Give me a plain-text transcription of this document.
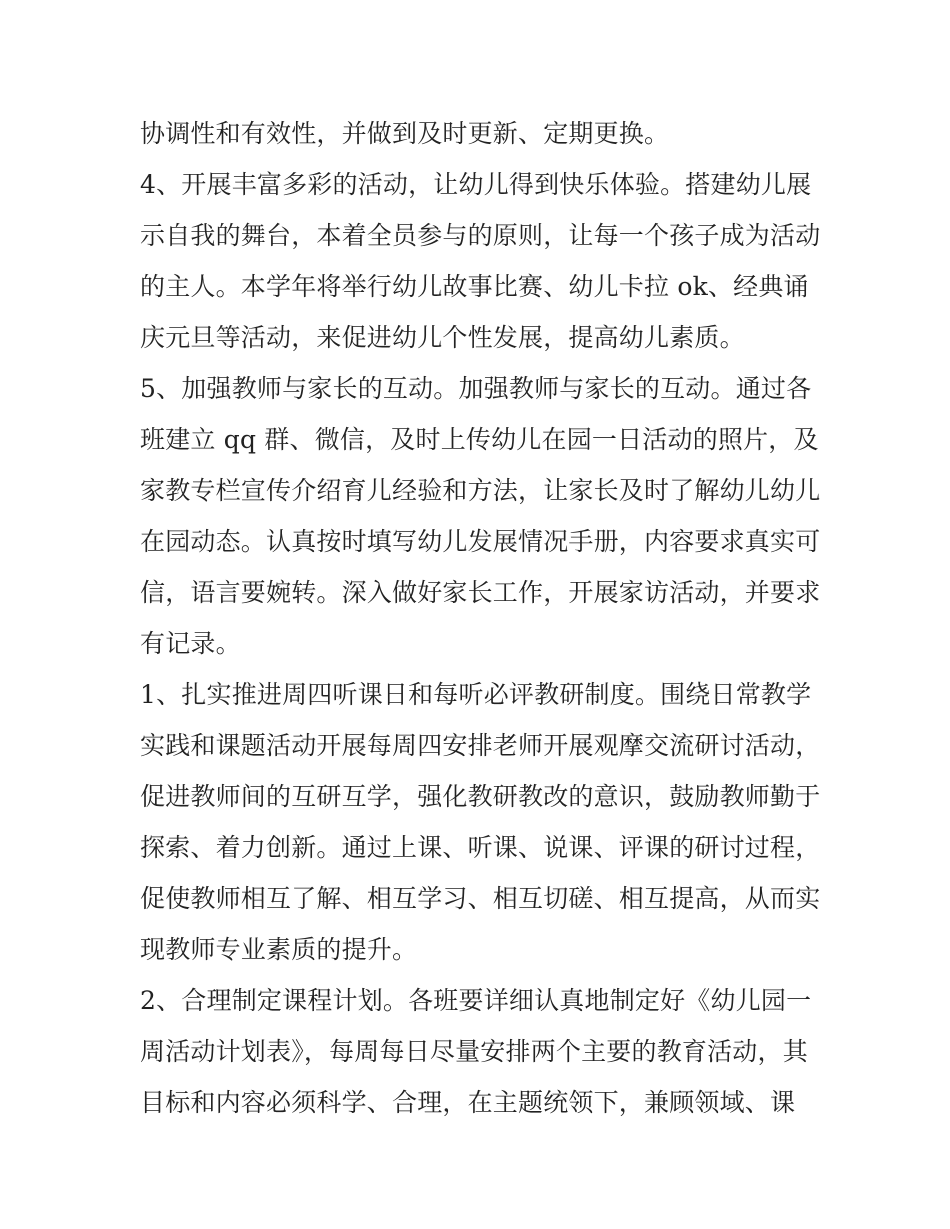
协调性和有效性，并做到及时更新、定期更换。
4、开展丰富多彩的活动，让幼儿得到快乐体验。搭建幼儿展
示自我的舞台，本着全员参与的原则，让每一个孩子成为活动
的主人。本学年将举行幼儿故事比赛、幼儿卡拉 ok、经典诵
庆元旦等活动，来促进幼儿个性发展，提高幼儿素质。
5、加强教师与家长的互动。加强教师与家长的互动。通过各
班建立 qq 群、微信，及时上传幼儿在园一日活动的照片，及
家教专栏宣传介绍育儿经验和方法，让家长及时了解幼儿幼儿
在园动态。认真按时填写幼儿发展情况手册，内容要求真实可
信，语言要婉转。深入做好家长工作，开展家访活动，并要求
有记录。
1、扎实推进周四听课日和每听必评教研制度。围绕日常教学
实践和课题活动开展每周四安排老师开展观摩交流研讨活动，
促进教师间的互研互学，强化教研教改的意识，鼓励教师勤于
探索、着力创新。通过上课、听课、说课、评课的研讨过程，
促使教师相互了解、相互学习、相互切磋、相互提高，从而实
现教师专业素质的提升。
2、合理制定课程计划。各班要详细认真地制定好《幼儿园一
周活动计划表》，每周每日尽量安排两个主要的教育活动，其
目标和内容必须科学、合理，在主题统领下，兼顾领域、课
